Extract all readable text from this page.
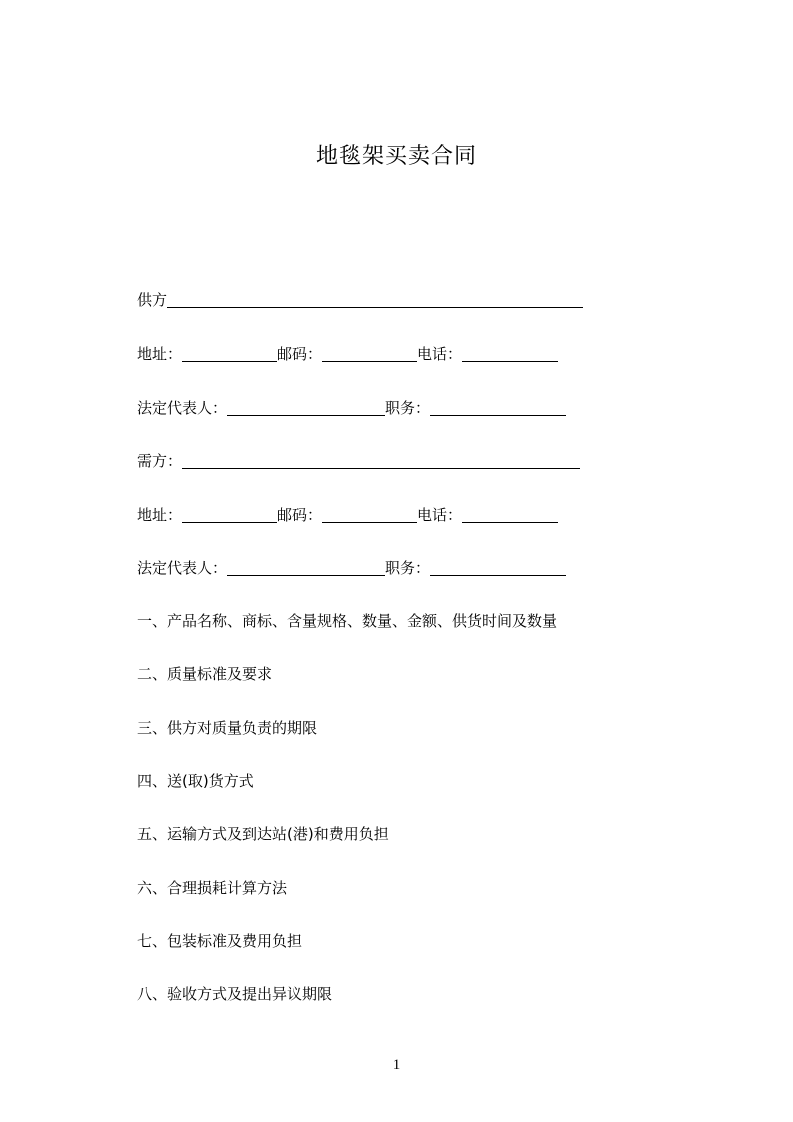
地毯架买卖合同
供方
地址：	邮码：	电话：
法定代表人：	职务：
需方：
地址：	邮码：	电话：
法定代表人：	职务：
一、产品名称、商标、含量规格、数量、金额、供货时间及数量
二、质量标准及要求
三、供方对质量负责的期限
四、送(取)货方式
五、运输方式及到达站(港)和费用负担
六、合理损耗计算方法
七、包装标准及费用负担
八、验收方式及提出异议期限
1
